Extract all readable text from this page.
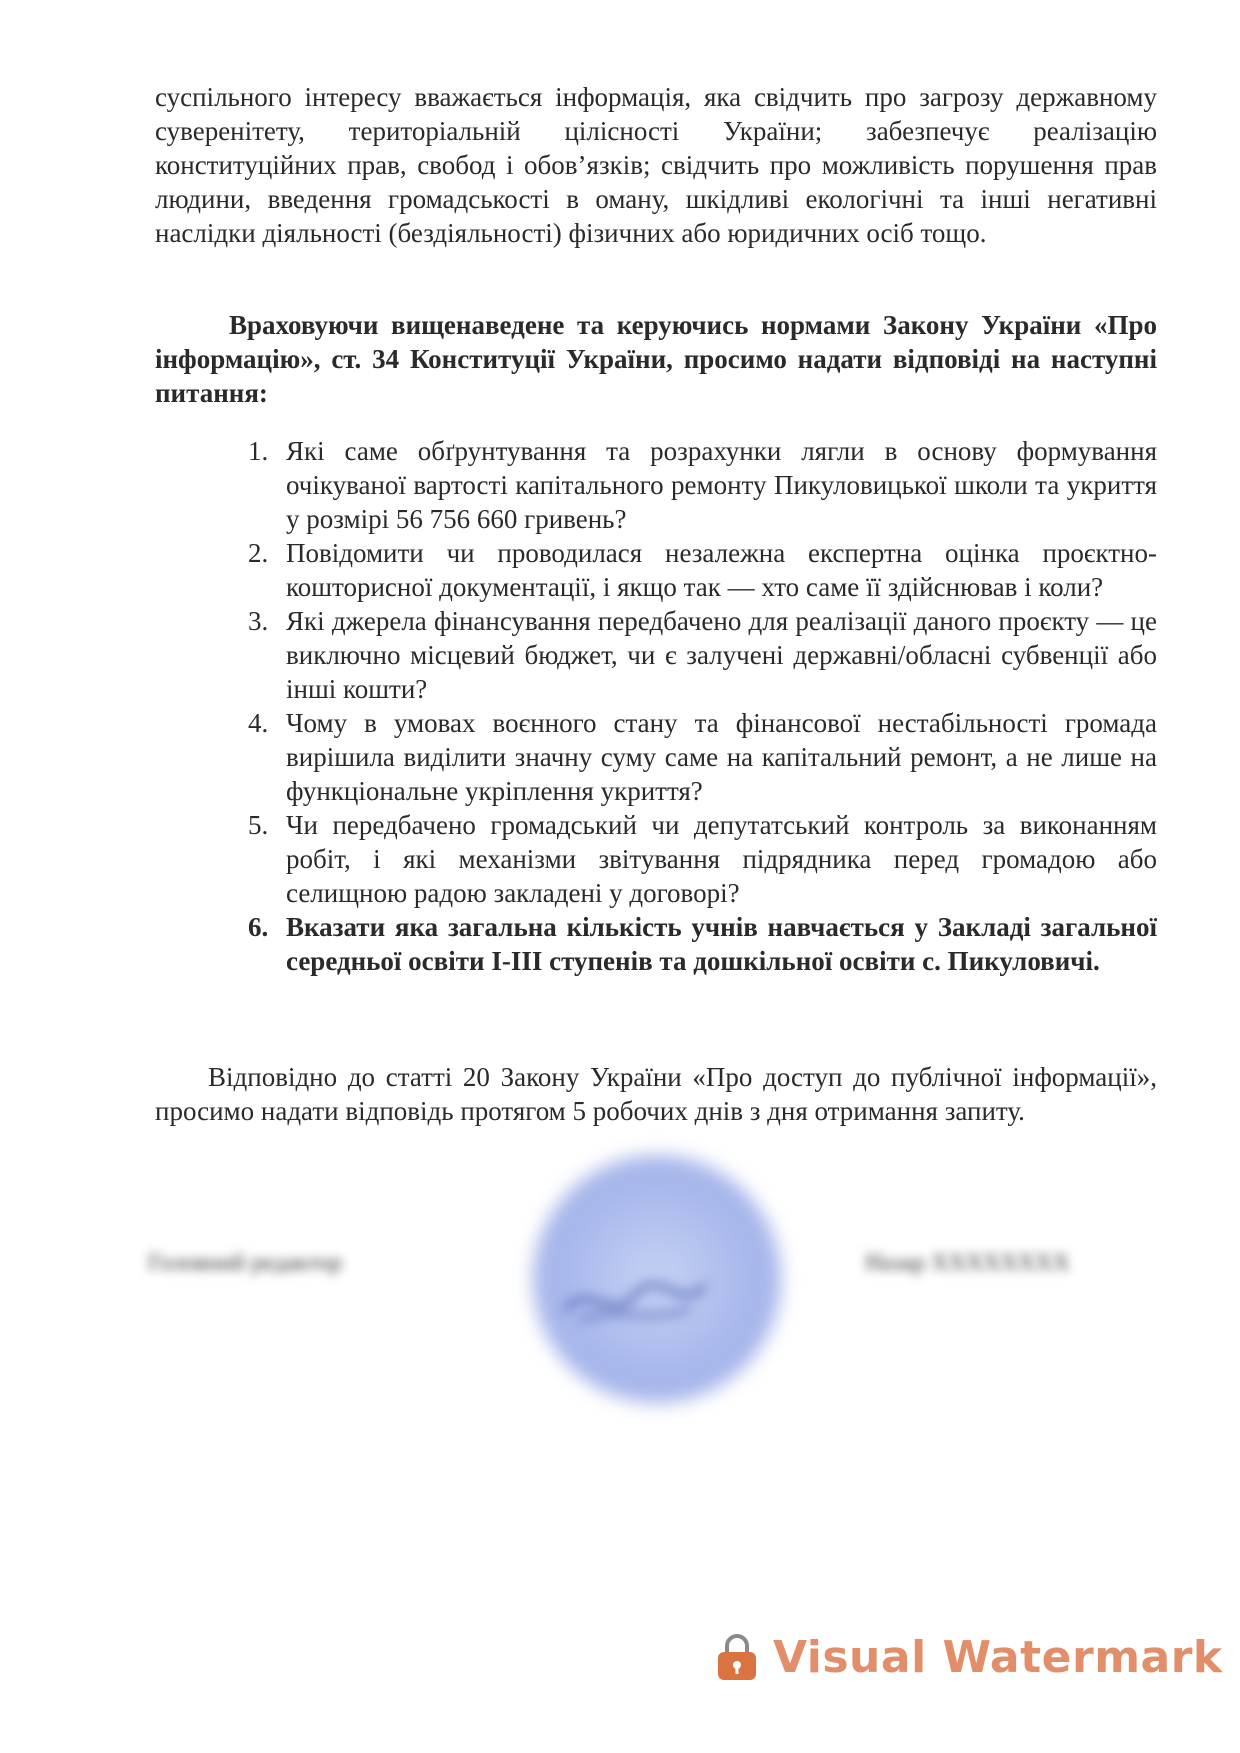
суспільного інтересу вважається інформація, яка свідчить про загрозу державному суверенітету, територіальній цілісності України; забезпечує реалізацію конституційних прав, свобод і обов’язків; свідчить про можливість порушення прав людини, введення громадськості в оману, шкідливі екологічні та інші негативні наслідки діяльності (бездіяльності) фізичних або юридичних осіб тощо.

Враховуючи вищенаведене та керуючись нормами Закону України «Про інформацію», ст. 34 Конституції України, просимо надати відповіді на наступні питання:

1. Які саме обґрунтування та розрахунки лягли в основу формування очікуваної вартості капітального ремонту Пикуловицької школи та укриття у розмірі 56 756 660 гривень?
2. Повідомити чи проводилася незалежна експертна оцінка проєктно-кошторисної документації, і якщо так — хто саме її здійснював і коли?
3. Які джерела фінансування передбачено для реалізації даного проєкту — це виключно місцевий бюджет, чи є залучені державні/обласні субвенції або інші кошти?
4. Чому в умовах воєнного стану та фінансової нестабільності громада вирішила виділити значну суму саме на капітальний ремонт, а не лише на функціональне укріплення укриття?
5. Чи передбачено громадський чи депутатський контроль за виконанням робіт, і які механізми звітування підрядника перед громадою або селищною радою закладені у договорі?
6. Вказати яка загальна кількість учнів навчається у Закладі загальної середньої освіти І-ІІІ ступенів та дошкільної освіти с. Пикуловичі.

Відповідно до статті 20 Закону України «Про доступ до публічної інформації», просимо надати відповідь протягом 5 робочих днів з дня отримання запиту.

Головний редактор	Назар ХХХХХХХХ
Visual Watermark
